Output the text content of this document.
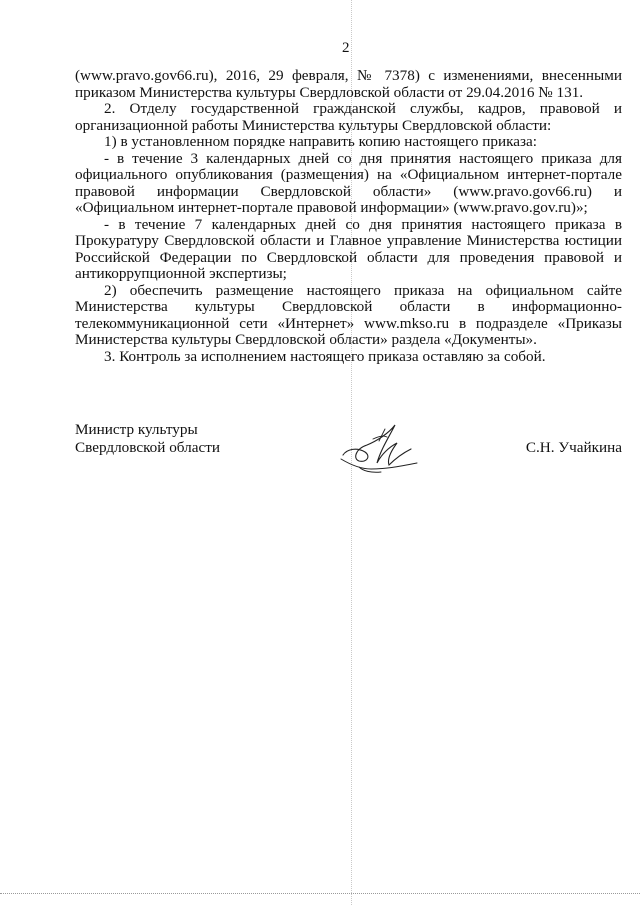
2

(www.pravo.gov66.ru), 2016, 29 февраля, № 7378) с изменениями, внесенными приказом Министерства культуры Свердловской области от 29.04.2016 № 131.

2. Отделу государственной гражданской службы, кадров, правовой и организационной работы Министерства культуры Свердловской области:

1) в установленном порядке направить копию настоящего приказа:

- в течение 3 календарных дней со дня принятия настоящего приказа для официального опубликования (размещения) на «Официальном интернет-портале правовой информации Свердловской области» (www.pravo.gov66.ru) и «Официальном интернет-портале правовой информации» (www.pravo.gov.ru)»;

- в течение 7 календарных дней со дня принятия настоящего приказа в Прокуратуру Свердловской области и Главное управление Министерства юстиции Российской Федерации по Свердловской области для проведения правовой и антикоррупционной экспертизы;

2) обеспечить размещение настоящего приказа на официальном сайте Министерства культуры Свердловской области в информационно-телекоммуникационной сети «Интернет» www.mkso.ru в подразделе «Приказы Министерства культуры Свердловской области» раздела «Документы».

3. Контроль за исполнением настоящего приказа оставляю за собой.

Министр культуры
Свердловской области	С.Н. Учайкина
